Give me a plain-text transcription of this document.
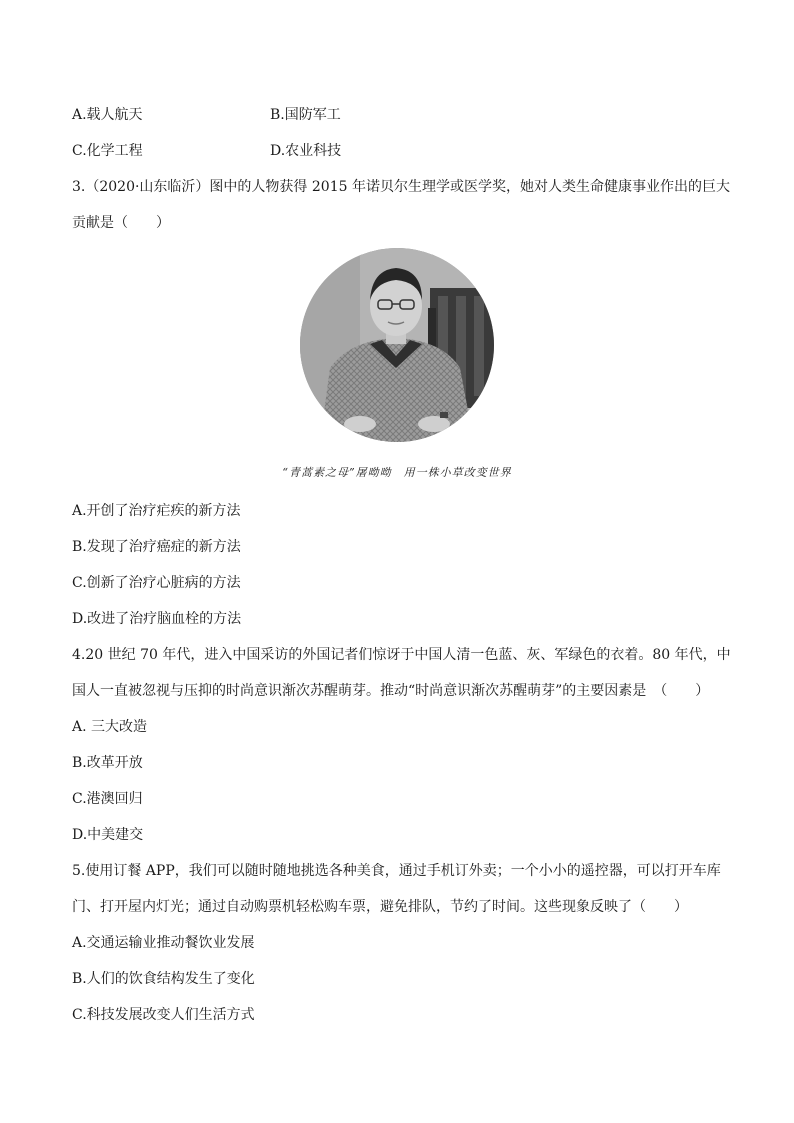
A.载人航天	B.国防军工
C.化学工程	D.农业科技
3.（2020·山东临沂）图中的人物获得 2015 年诺贝尔生理学或医学奖，她对人类生命健康事业作出的巨大
贡献是（　　）
“青蒿素之母”屠呦呦　用一株小草改变世界
A.开创了治疗疟疾的新方法
B.发现了治疗癌症的新方法
C.创新了治疗心脏病的方法
D.改进了治疗脑血栓的方法
4.20 世纪 70 年代，进入中国采访的外国记者们惊讶于中国人清一色蓝、灰、军绿色的衣着。80 年代，中
国人一直被忽视与压抑的时尚意识渐次苏醒萌芽。推动“时尚意识渐次苏醒萌芽”的主要因素是　（　　）
A. 三大改造
B.改革开放
C.港澳回归
D.中美建交
5.使用订餐 APP，我们可以随时随地挑选各种美食，通过手机订外卖；一个小小的遥控器，可以打开车库
门、打开屋内灯光；通过自动购票机轻松购车票，避免排队，节约了时间。这些现象反映了（　　）
A.交通运输业推动餐饮业发展
B.人们的饮食结构发生了变化
C.科技发展改变人们生活方式
